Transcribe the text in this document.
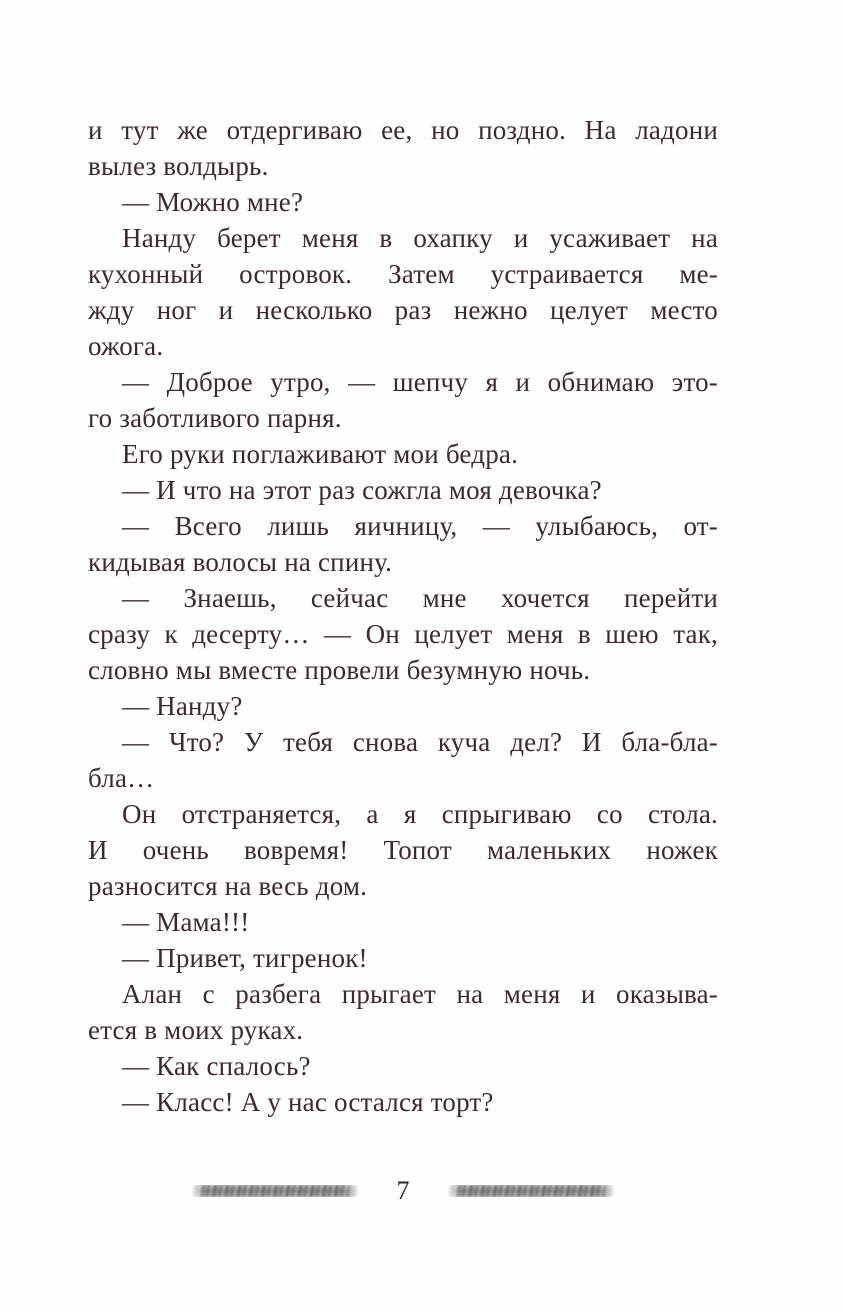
и тут же отдергиваю ее, но поздно. На ладони
вылез волдырь.
— Можно мне?
Нанду берет меня в охапку и усаживает на
кухонный островок. Затем устраивается ме-
жду ног и несколько раз нежно целует место
ожога.
— Доброе утро, — шепчу я и обнимаю это-
го заботливого парня.
Его руки поглаживают мои бедра.
— И что на этот раз сожгла моя девочка?
— Всего лишь яичницу, — улыбаюсь, от-
кидывая волосы на спину.
— Знаешь, сейчас мне хочется перейти
сразу к десерту… — Он целует меня в шею так,
словно мы вместе провели безумную ночь.
— Нанду?
— Что? У тебя снова куча дел? И бла-бла-
бла…
Он отстраняется, а я спрыгиваю со стола.
И очень вовремя! Топот маленьких ножек
разносится на весь дом.
— Мама!!!
— Привет, тигренок!
Алан с разбега прыгает на меня и оказыва-
ется в моих руках.
— Как спалось?
— Класс! А у нас остался торт?
7
